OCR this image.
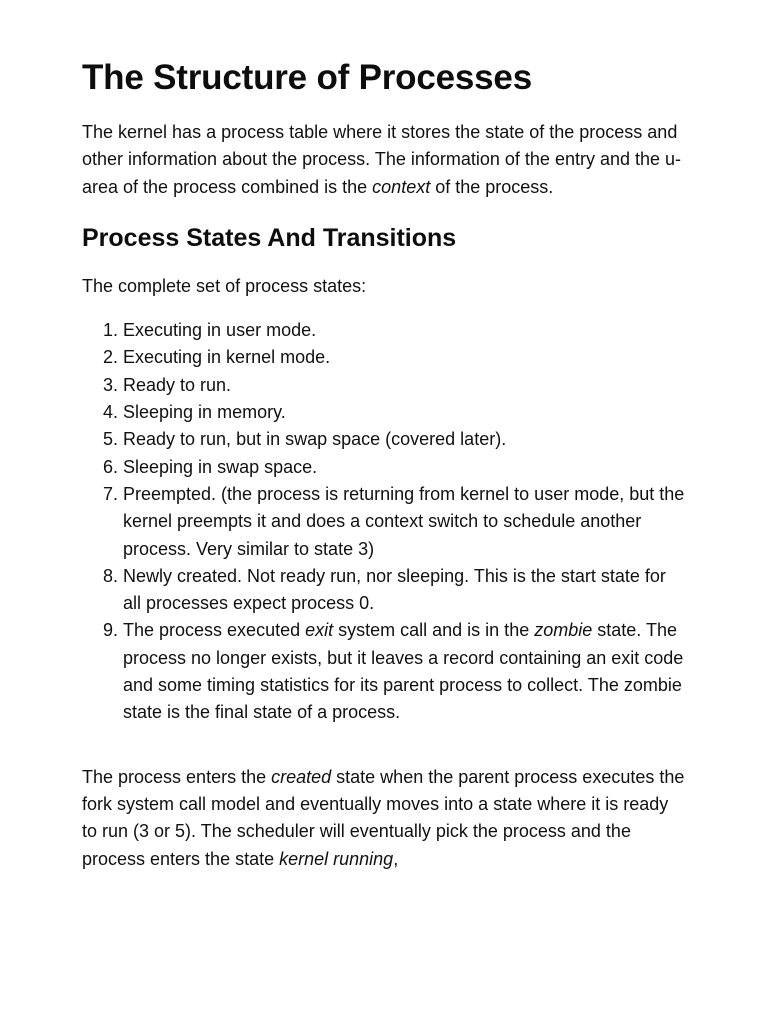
The Structure of Processes

The kernel has a process table where it stores the state of the process and other information about the process. The information of the entry and the u-area of the process combined is the context of the process.

Process States And Transitions

The complete set of process states:

1. Executing in user mode.
2. Executing in kernel mode.
3. Ready to run.
4. Sleeping in memory.
5. Ready to run, but in swap space (covered later).
6. Sleeping in swap space.
7. Preempted. (the process is returning from kernel to user mode, but the kernel preempts it and does a context switch to schedule another process. Very similar to state 3)
8. Newly created. Not ready run, nor sleeping. This is the start state for all processes expect process 0.
9. The process executed exit system call and is in the zombie state. The process no longer exists, but it leaves a record containing an exit code and some timing statistics for its parent process to collect. The zombie state is the final state of a process.

The process enters the created state when the parent process executes the fork system call model and eventually moves into a state where it is ready to run (3 or 5). The scheduler will eventually pick the process and the process enters the state kernel running,
